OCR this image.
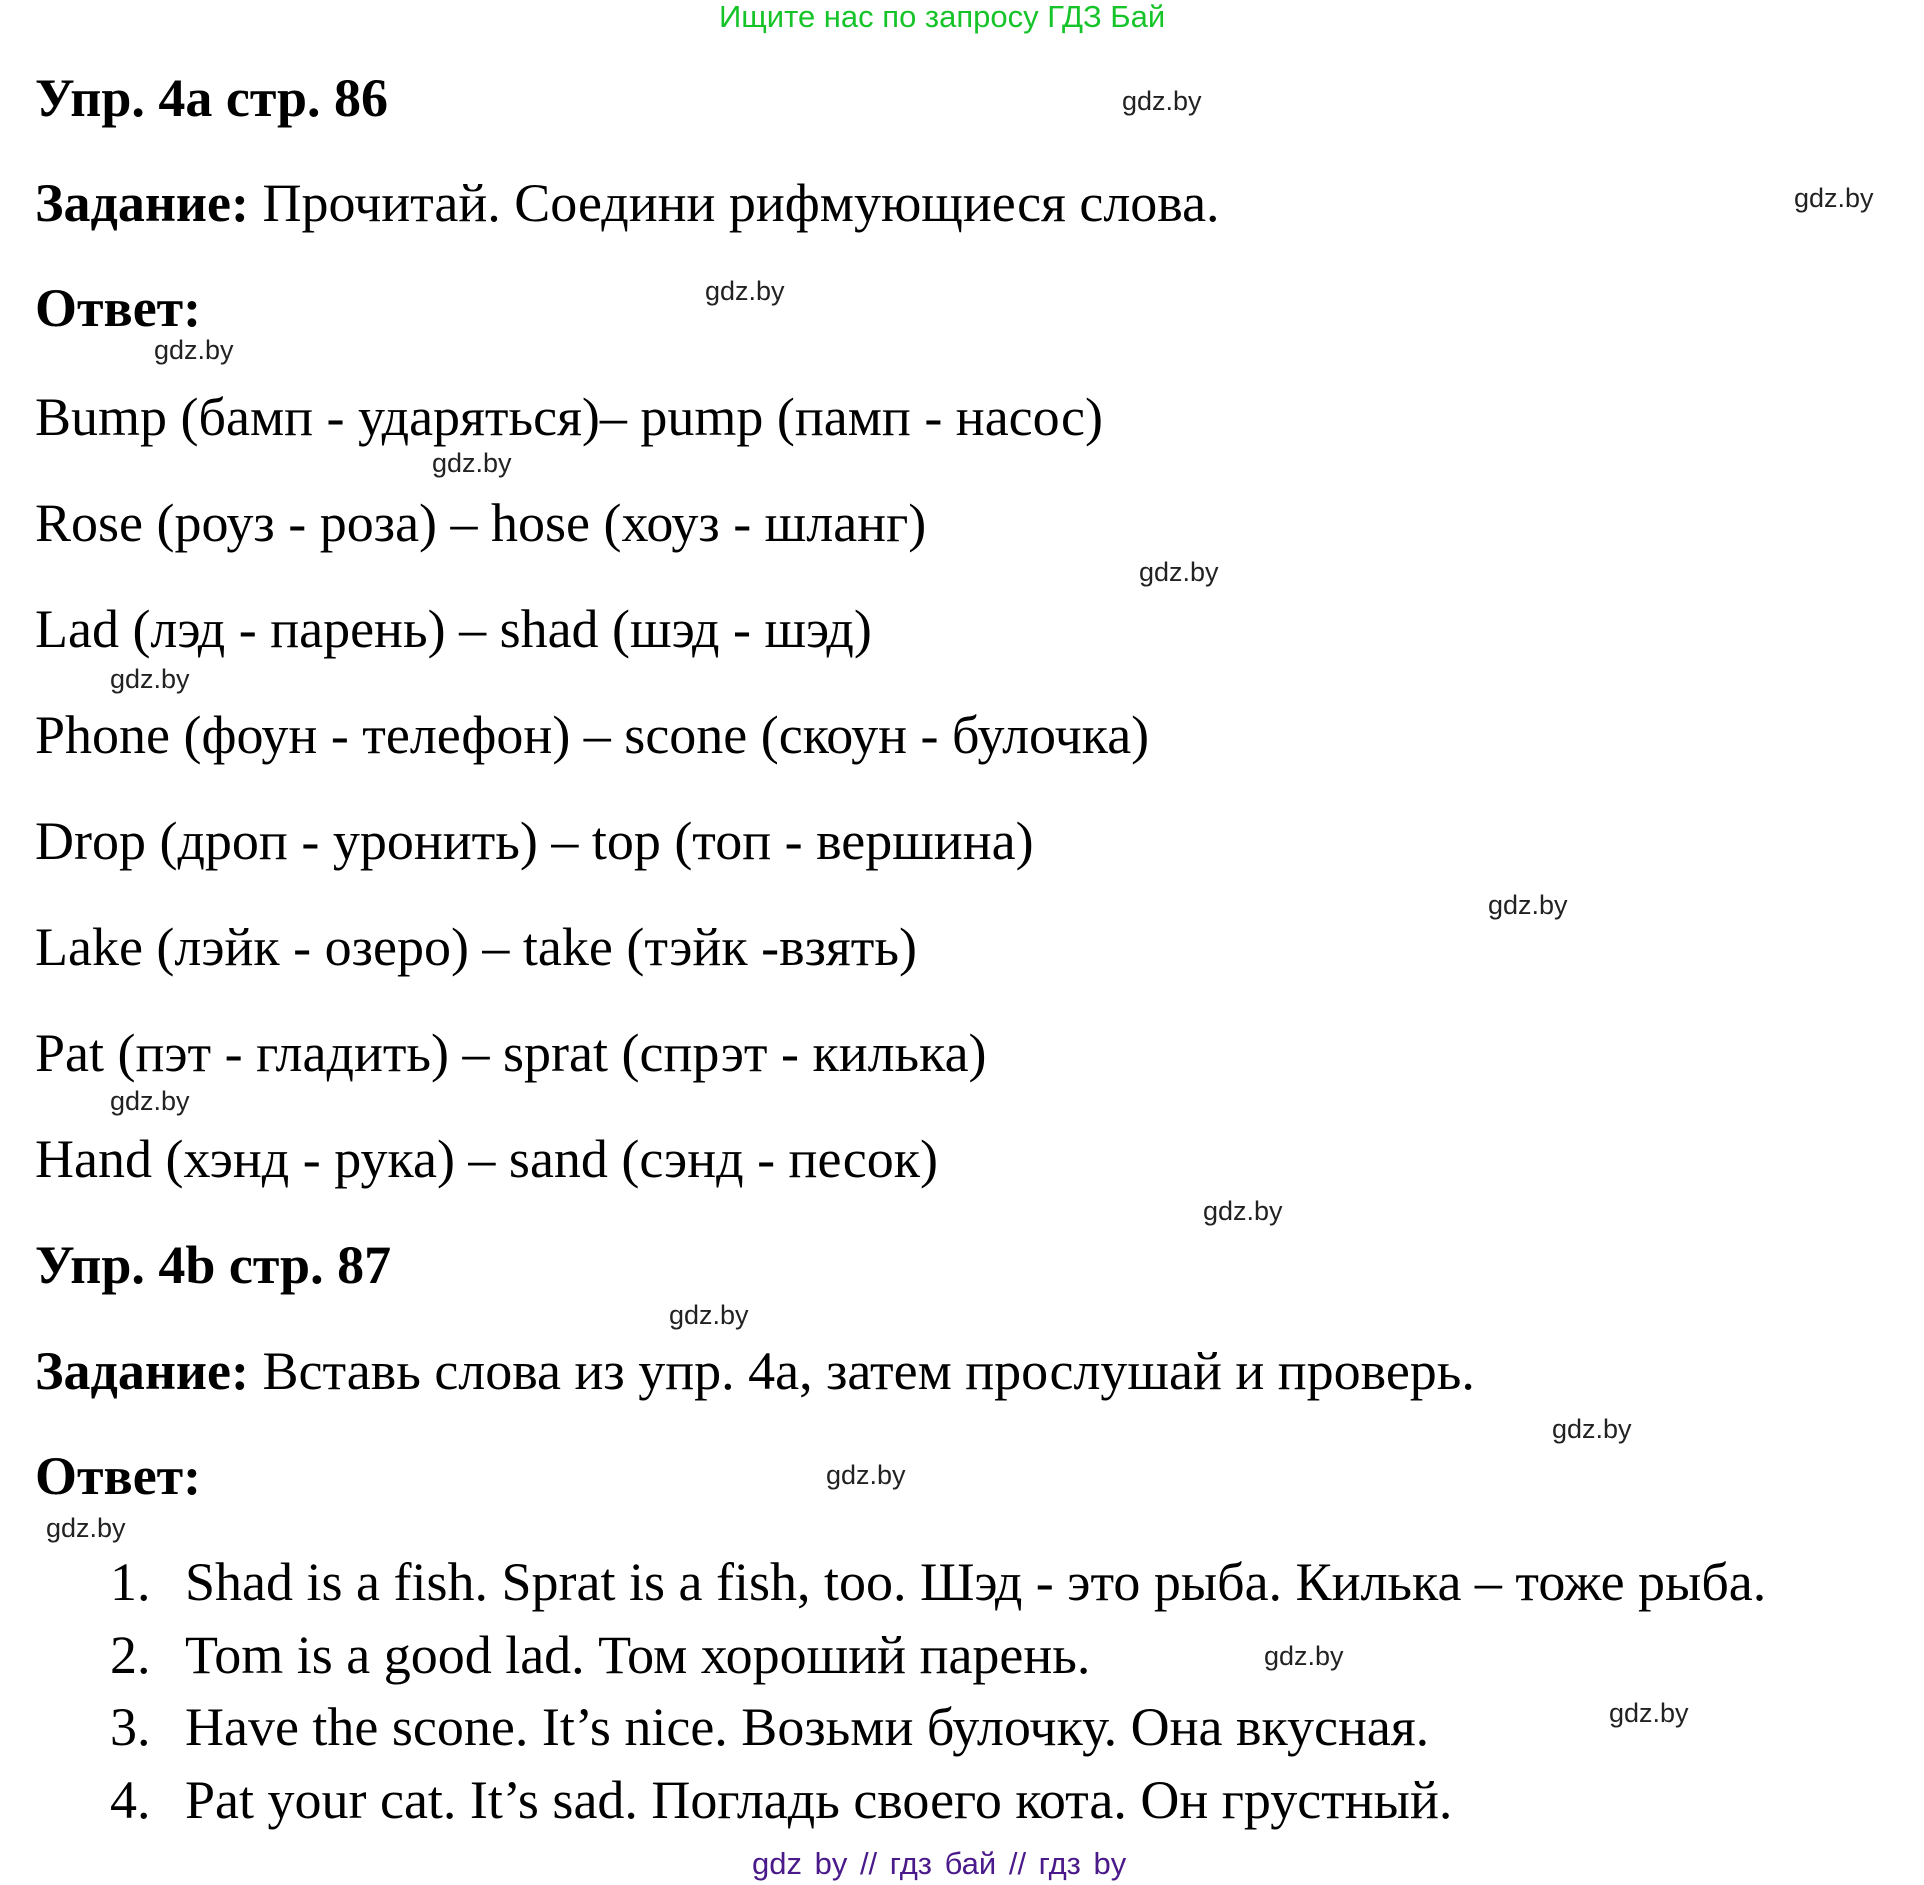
Ищите нас по запросу ГДЗ Бай
Упр. 4a стр. 86
Задание: Прочитай. Соедини рифмующиеся слова.
Ответ:
Bump (бамп - ударяться)– pump (памп - насос)
Rose (роуз - роза) – hose (хоуз - шланг)
Lad (лэд - парень) – shad (шэд - шэд)
Phone (фоун - телефон) – scone (скоун - булочка)
Drop (дроп - уронить) – top (топ - вершина)
Lake (лэйк - озеро) – take (тэйк -взять)
Pat (пэт - гладить) – sprat (спрэт - килька)
Hand (хэнд - рука) – sand (сэнд - песок)
Упр. 4b стр. 87
Задание: Вставь слова из упр. 4а, затем прослушай и проверь.
Ответ:
1. Shad is a fish. Sprat is a fish, too. Шэд - это рыба. Килька – тоже рыба.
2. Tom is a good lad. Том хороший парень.
3. Have the scone. It’s nice. Возьми булочку. Она вкусная.
4. Pat your cat. It’s sad. Погладь своего кота. Он грустный.
gdz.by
gdz.by
gdz.by
gdz.by
gdz.by
gdz.by
gdz.by
gdz.by
gdz.by
gdz.by
gdz.by
gdz.by
gdz.by
gdz.by
gdz.by
gdz.by
gdz by // гдз бай // гдз by
